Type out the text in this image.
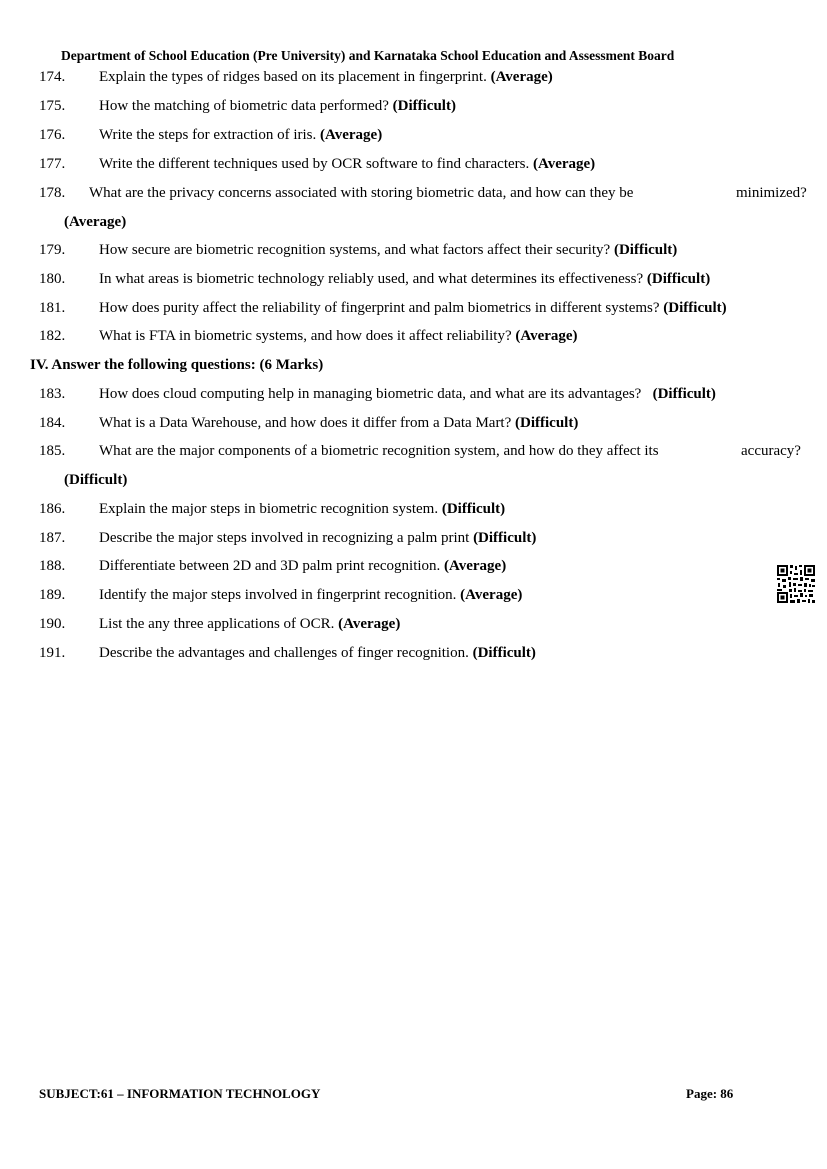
Department of School Education (Pre University) and Karnataka School Education and Assessment Board
174. Explain the types of ridges based on its placement in fingerprint. (Average)
175. How the matching of biometric data performed? (Difficult)
176. Write the steps for extraction of iris. (Average)
177. Write the different techniques used by OCR software to find characters. (Average)
178. What are the privacy concerns associated with storing biometric data, and how can they be	minimized?
(Average)
179. How secure are biometric recognition systems, and what factors affect their security? (Difficult)
180. In what areas is biometric technology reliably used, and what determines its effectiveness? (Difficult)
181. How does purity affect the reliability of fingerprint and palm biometrics in different systems? (Difficult)
182. What is FTA in biometric systems, and how does it affect reliability? (Average)
IV. Answer the following questions: (6 Marks)
183. How does cloud computing help in managing biometric data, and what are its advantages? (Difficult)
184. What is a Data Warehouse, and how does it differ from a Data Mart? (Difficult)
185. What are the major components of a biometric recognition system, and how do they affect its	accuracy?
(Difficult)
186. Explain the major steps in biometric recognition system. (Difficult)
187. Describe the major steps involved in recognizing a palm print (Difficult)
188. Differentiate between 2D and 3D palm print recognition. (Average)
189. Identify the major steps involved in fingerprint recognition. (Average)
190. List the any three applications of OCR. (Average)
191. Describe the advantages and challenges of finger recognition. (Difficult)
SUBJECT:61 – INFORMATION TECHNOLOGY	Page: 86
